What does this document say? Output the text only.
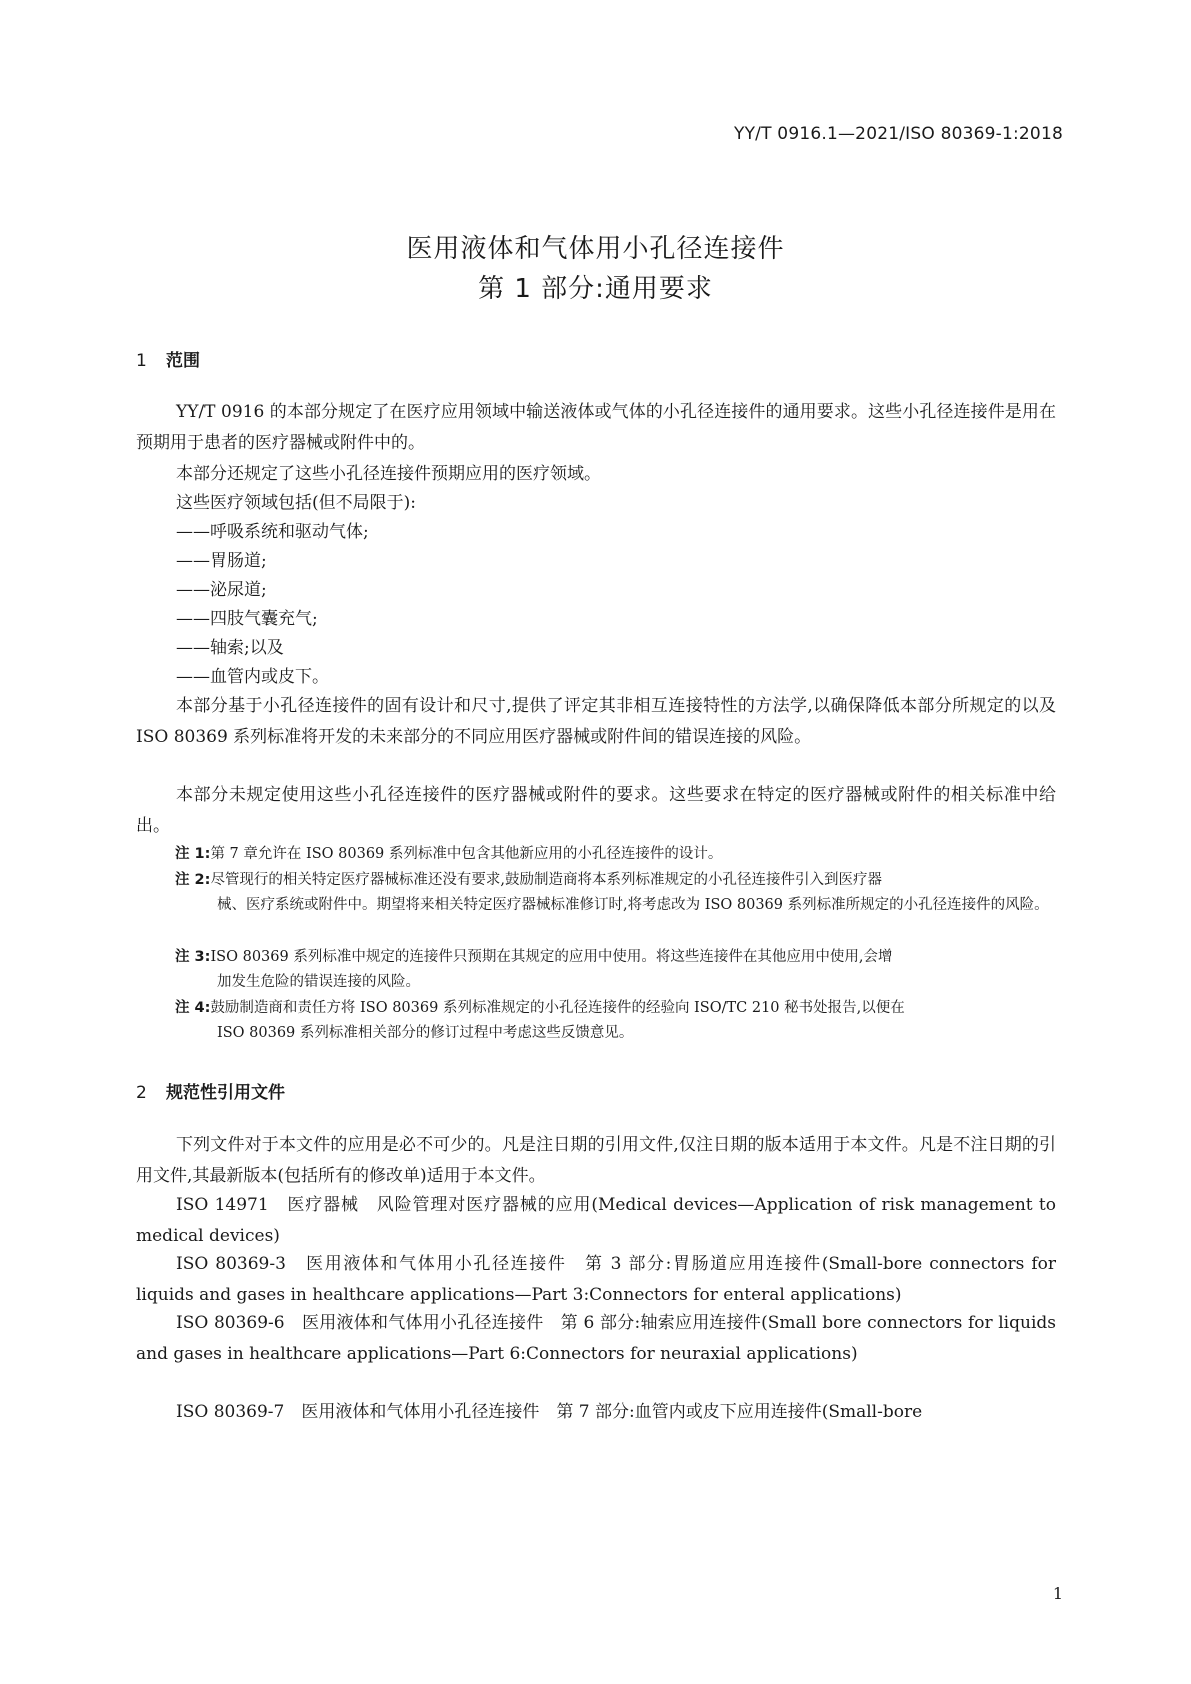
YY/T 0916.1—2021/ISO 80369-1:2018
医用液体和气体用小孔径连接件
第 1 部分:通用要求
1 范围
YY/T 0916 的本部分规定了在医疗应用领域中输送液体或气体的小孔径连接件的通用要求。这些小孔径连接件是用在预期用于患者的医疗器械或附件中的。
本部分还规定了这些小孔径连接件预期应用的医疗领域。
这些医疗领域包括(但不局限于):
——呼吸系统和驱动气体;
——胃肠道;
——泌尿道;
——四肢气囊充气;
——轴索;以及
——血管内或皮下。
本部分基于小孔径连接件的固有设计和尺寸,提供了评定其非相互连接特性的方法学,以确保降低本部分所规定的以及 ISO 80369 系列标准将开发的未来部分的不同应用医疗器械或附件间的错误连接的风险。
本部分未规定使用这些小孔径连接件的医疗器械或附件的要求。这些要求在特定的医疗器械或附件的相关标准中给出。
注 1:第 7 章允许在 ISO 80369 系列标准中包含其他新应用的小孔径连接件的设计。
注 2:尽管现行的相关特定医疗器械标准还没有要求,鼓励制造商将本系列标准规定的小孔径连接件引入到医疗器
械、医疗系统或附件中。期望将来相关特定医疗器械标准修订时,将考虑改为 ISO 80369 系列标准所规定的小孔径连接件的风险。
注 3:ISO 80369 系列标准中规定的连接件只预期在其规定的应用中使用。将这些连接件在其他应用中使用,会增
加发生危险的错误连接的风险。
注 4:鼓励制造商和责任方将 ISO 80369 系列标准规定的小孔径连接件的经验向 ISO/TC 210 秘书处报告,以便在
ISO 80369 系列标准相关部分的修订过程中考虑这些反馈意见。
2 规范性引用文件
下列文件对于本文件的应用是必不可少的。凡是注日期的引用文件,仅注日期的版本适用于本文件。凡是不注日期的引用文件,其最新版本(包括所有的修改单)适用于本文件。
ISO 14971　医疗器械　风险管理对医疗器械的应用(Medical devices—Application of risk management to medical devices)
ISO 80369-3　医用液体和气体用小孔径连接件　第 3 部分:胃肠道应用连接件(Small-bore connectors for liquids and gases in healthcare applications—Part 3:Connectors for enteral applications)
ISO 80369-6　医用液体和气体用小孔径连接件　第 6 部分:轴索应用连接件(Small bore connectors for liquids and gases in healthcare applications—Part 6:Connectors for neuraxial applications)
ISO 80369-7　医用液体和气体用小孔径连接件　第 7 部分:血管内或皮下应用连接件(Small-bore
1
